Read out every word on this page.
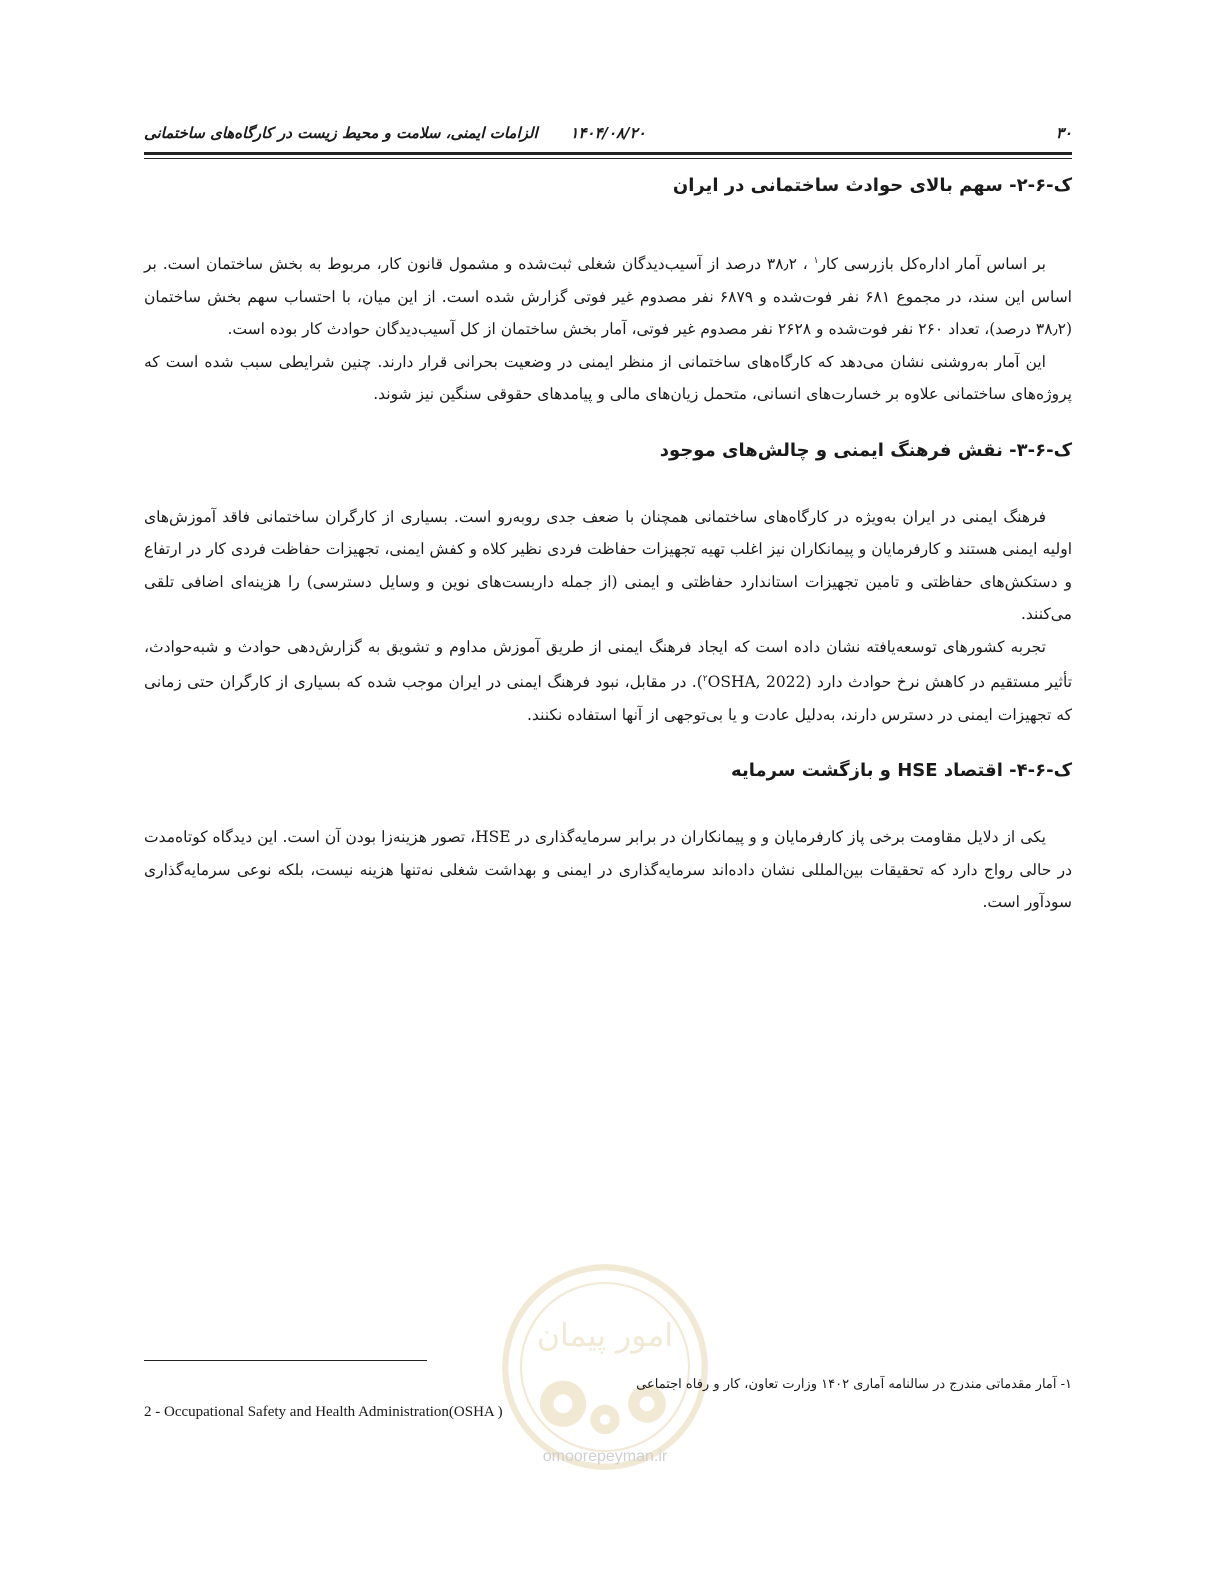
۳۰
۱۴۰۴/۰۸/۲۰
الزامات ایمنی، سلامت و محیط زیست در کارگاه‌های ساختمانی
ک-۶-۲- سهم بالای حوادث ساختمانی در ایران

بر اساس آمار اداره‌کل بازرسی کار$^۱$ ، ۳۸٫۲ درصد از آسیب‌دیدگان شغلی ثبت‌شده و مشمول قانون کار، مربوط به بخش ساختمان است. بر اساس این سند، در مجموع ۶۸۱ نفر فوت‌شده و ۶۸۷۹ نفر مصدوم غیر فوتی گزارش شده است. از این میان، با احتساب سهم بخش ساختمان (۳۸٫۲ درصد)، تعداد ۲۶۰ نفر فوت‌شده و ۲۶۲۸ نفر مصدوم غیر فوتی، آمار بخش ساختمان از کل آسیب‌دیدگان حوادث کار بوده است.

این آمار به‌روشنی نشان می‌دهد که کارگاه‌های ساختمانی از منظر ایمنی در وضعیت بحرانی قرار دارند. چنین شرایطی سبب شده است که پروژه‌های ساختمانی علاوه بر خسارت‌های انسانی، متحمل زیان‌های مالی و پیامدهای حقوقی سنگین نیز شوند.

ک-۶-۳- نقش فرهنگ ایمنی و چالش‌های موجود

فرهنگ ایمنی در ایران به‌ویژه در کارگاه‌های ساختمانی همچنان با ضعف جدی روبه‌رو است. بسیاری از کارگران ساختمانی فاقد آموزش‌های اولیه ایمنی هستند و کارفرمایان و پیمانکاران نیز اغلب تهیه تجهیزات حفاظت فردی نظیر کلاه و کفش ایمنی، تجهیزات حفاظت فردی کار در ارتفاع و دستکش‌های حفاظتی و تامین تجهیزات استاندارد حفاظتی و ایمنی (از جمله داربست‌های نوین و وسایل دسترسی) را هزینه‌ای اضافی تلقی می‌کنند.

تجربه کشورهای توسعه‌یافته نشان داده است که ایجاد فرهنگ ایمنی از طریق آموزش مداوم و تشویق به گزارش‌دهی حوادث و شبه‌حوادث، تأثیر مستقیم در کاهش نرخ حوادث دارد ($^۲$OSHA, 2022). در مقابل، نبود فرهنگ ایمنی در ایران موجب شده که بسیاری از کارگران حتی زمانی که تجهیزات ایمنی در دسترس دارند، به‌دلیل عادت و یا بی‌توجهی از آنها استفاده نکنند.

ک-۶-۴- اقتصاد HSE و بازگشت سرمایه

یکی از دلایل مقاومت برخی پاز کارفرمایان و و پیمانکاران در برابر سرمایه‌گذاری در HSE، تصور هزینه‌زا بودن آن است. این دیدگاه کوتاه‌مدت در حالی رواج دارد که تحقیقات بین‌المللی نشان داده‌اند سرمایه‌گذاری در ایمنی و بهداشت شغلی نه‌تنها هزینه نیست، بلکه نوعی سرمایه‌گذاری سودآور است.

امور پیمان
omoorepeyman.ir
۱- آمار مقدماتی مندرج در سالنامه آماری ۱۴۰۲ وزارت تعاون، کار و رفاه اجتماعی
2 - Occupational Safety and Health Administration(OSHA )
